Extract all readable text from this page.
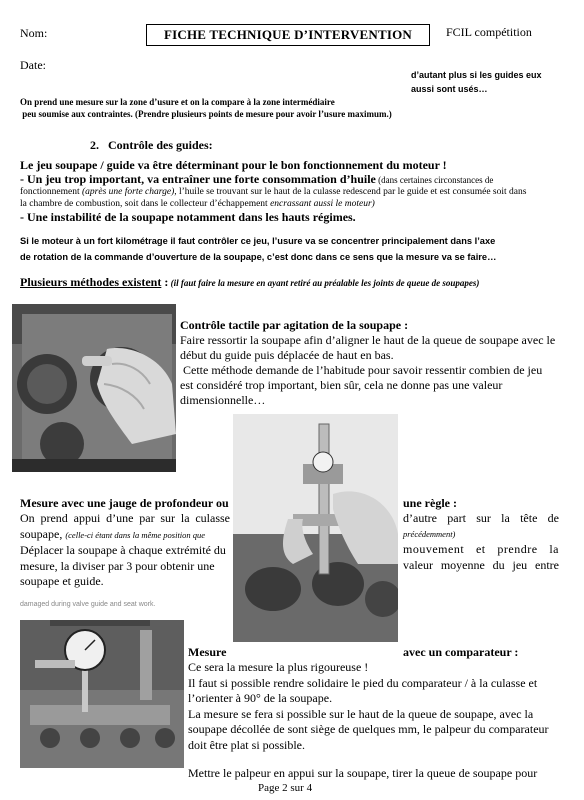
Nom:	FICHE TECHNIQUE D’INTERVENTION	FCIL compétition
Date:
d’autant plus si les guides eux
aussi sont usés…
On prend une mesure sur la zone d’usure et on la compare à la zone intermédiaire
peu soumise aux contraintes. (Prendre plusieurs points de mesure pour avoir l’usure maximum.)
2.   Contrôle des guides:
Le jeu soupape / guide va être déterminant pour le bon fonctionnement du moteur !
- Un jeu trop important, va entraîner une forte consommation d’huile (dans certaines circonstances de
fonctionnement (après une forte charge), l’huile se trouvant sur le haut de la culasse redescend par le guide et est consumée soit dans
la chambre de combustion, soit dans le collecteur d’échappement encrassant aussi le moteur)
- Une instabilité de la soupape notamment dans les hauts régimes.
Si le moteur à un fort kilométrage il faut contrôler ce jeu, l’usure va se concentrer principalement dans l’axe
de rotation de la commande d’ouverture de la soupape, c’est donc dans ce sens que la mesure va se faire…
Plusieurs méthodes existent : (il faut faire la mesure en ayant retiré au préalable les joints de queue de soupapes)
Contrôle tactile par agitation de la soupape :
Faire ressortir la soupape afin d’aligner le haut de la queue de soupape avec le
début du guide puis déplacée de haut en bas.
Cette méthode demande de l’habitude pour savoir ressentir combien de jeu
est considéré trop important, bien sûr, cela ne donne pas une valeur
dimensionnelle…
Mesure avec une jauge de profondeur ou	une règle :
On prend appui d’une par sur la culasse
soupape, (celle-ci étant dans la même position que
Déplacer la soupape à chaque extrémité du
mesure, la diviser par 3 pour obtenir une
soupape et guide.
d’autre part sur la tête de
précédemment)
mouvement et prendre la
valeur moyenne du jeu entre
damaged during valve guide and seat work.
Mesure	avec un comparateur :
Ce sera la mesure la plus rigoureuse !
Il faut si possible rendre solidaire le pied du comparateur / à la culasse et
l’orienter à 90° de la soupape.
La mesure se fera si possible sur le haut de la queue de soupape, avec la
soupape décollée de sont siège de quelques mm, le palpeur du comparateur
doit être plat si possible.
Mettre le palpeur en appui sur la soupape, tirer la queue de soupape pour
Page 2 sur 4
